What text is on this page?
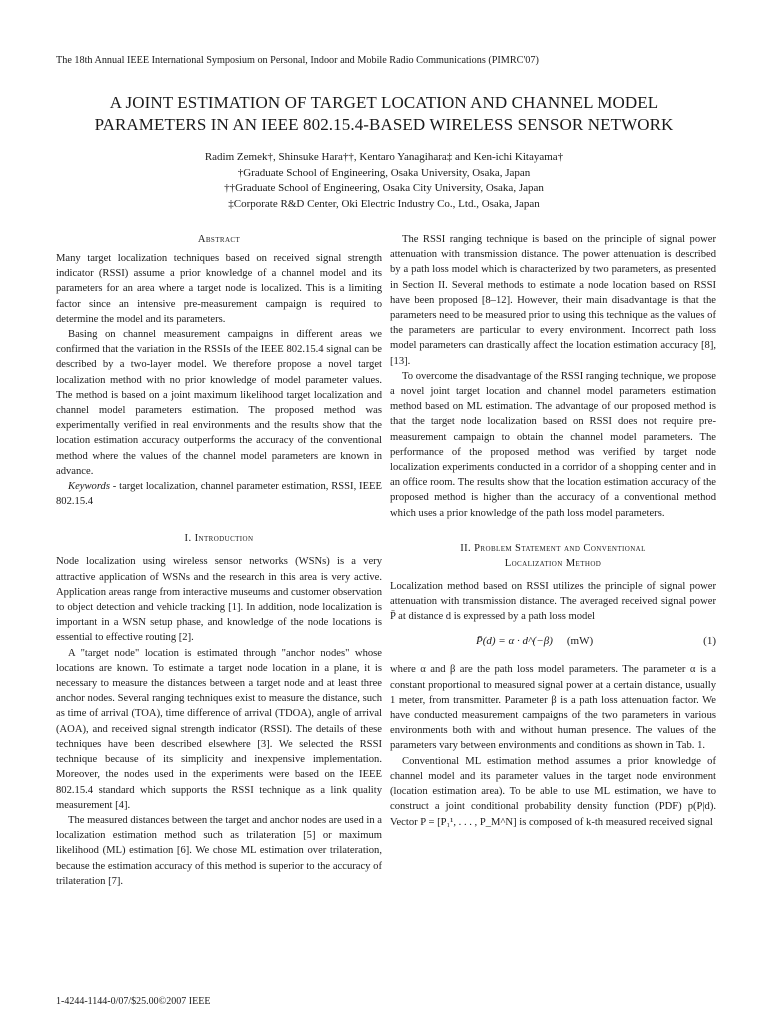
The 18th Annual IEEE International Symposium on Personal, Indoor and Mobile Radio Communications (PIMRC'07)
A JOINT ESTIMATION OF TARGET LOCATION AND CHANNEL MODEL
PARAMETERS IN AN IEEE 802.15.4-BASED WIRELESS SENSOR NETWORK
Radim Zemek†, Shinsuke Hara††, Kentaro Yanagihara‡ and Ken-ichi Kitayama†
†Graduate School of Engineering, Osaka University, Osaka, Japan
††Graduate School of Engineering, Osaka City University, Osaka, Japan
‡Corporate R&D Center, Oki Electric Industry Co., Ltd., Osaka, Japan
Abstract

Many target localization techniques based on received signal strength indicator (RSSI) assume a prior knowledge of a channel model and its parameters for an area where a target node is localized. This is a limiting factor since an intensive pre-measurement campaign is required to determine the model and its parameters.

Basing on channel measurement campaigns in different areas we confirmed that the variation in the RSSIs of the IEEE 802.15.4 signal can be described by a two-layer model. We therefore propose a novel target localization method with no prior knowledge of model parameter values. The method is based on a joint maximum likelihood target localization and channel model parameters estimation. The proposed method was experimentally verified in real environments and the results show that the location estimation accuracy outperforms the accuracy of the conventional method where the values of the channel model parameters are known in advance.

Keywords - target localization, channel parameter estimation, RSSI, IEEE 802.15.4

I. Introduction

Node localization using wireless sensor networks (WSNs) is a very attractive application of WSNs and the research in this area is very active. Application areas range from interactive museums and customer observation to object detection and vehicle tracking [1]. In addition, node localization is important in a WSN setup phase, and knowledge of the node locations is essential to effective routing [2].

A "target node" location is estimated through "anchor nodes" whose locations are known. To estimate a target node location in a plane, it is necessary to measure the distances between a target node and at least three anchor nodes. Several ranging techniques exist to measure the distance, such as time of arrival (TOA), time difference of arrival (TDOA), angle of arrival (AOA), and received signal strength indicator (RSSI). The details of these techniques have been described elsewhere [3]. We selected the RSSI technique because of its simplicity and inexpensive implementation. Moreover, the nodes used in the experiments were based on the IEEE 802.15.4 standard which supports the RSSI technique as a link quality measurement [4].

The measured distances between the target and anchor nodes are used in a localization estimation method such as trilateration [5] or maximum likelihood (ML) estimation [6]. We chose ML estimation over trilateration, because the estimation accuracy of this method is superior to the accuracy of trilateration [7].

The RSSI ranging technique is based on the principle of signal power attenuation with transmission distance. The power attenuation is described by a path loss model which is characterized by two parameters, as presented in Section II. Several methods to estimate a node location based on RSSI have been proposed [8–12]. However, their main disadvantage is that the parameters need to be measured prior to using this technique as the values of the parameters are particular to every environment. Incorrect path loss model parameters can drastically affect the location estimation accuracy [8], [13].

To overcome the disadvantage of the RSSI ranging technique, we propose a novel joint target location and channel model parameters estimation method based on ML estimation. The advantage of our proposed method is that the target node localization based on RSSI does not require pre-measurement campaign to obtain the channel model parameters. The performance of the proposed method was verified by target node localization experiments conducted in a corridor of a shopping center and in an office room. The results show that the location estimation accuracy of the proposed method is higher than the accuracy of a conventional method which uses a prior knowledge of the path loss model parameters.

II. Problem Statement and Conventional
Localization Method

Localization method based on RSSI utilizes the principle of signal power attenuation with transmission distance. The averaged received signal power P̄ at distance d is expressed by a path loss model

P̄(d) = α · d^(−β) (mW)	(1)

where α and β are the path loss model parameters. The parameter α is a constant proportional to measured signal power at a certain distance, usually 1 meter, from transmitter. Parameter β is a path loss attenuation factor. We have conducted measurement campaigns of the two parameters in various environments both with and without human presence. The values of the parameters vary between environments and conditions as shown in Tab. 1.

Conventional ML estimation method assumes a prior knowledge of channel model and its parameter values in the target node environment (location estimation area). To be able to use ML estimation, we have to construct a joint conditional probability density function (PDF) p(P|d). Vector P = [P₁¹, . . . , P_M^N] is composed of k-th measured received signal

1-4244-1144-0/07/$25.00©2007 IEEE
